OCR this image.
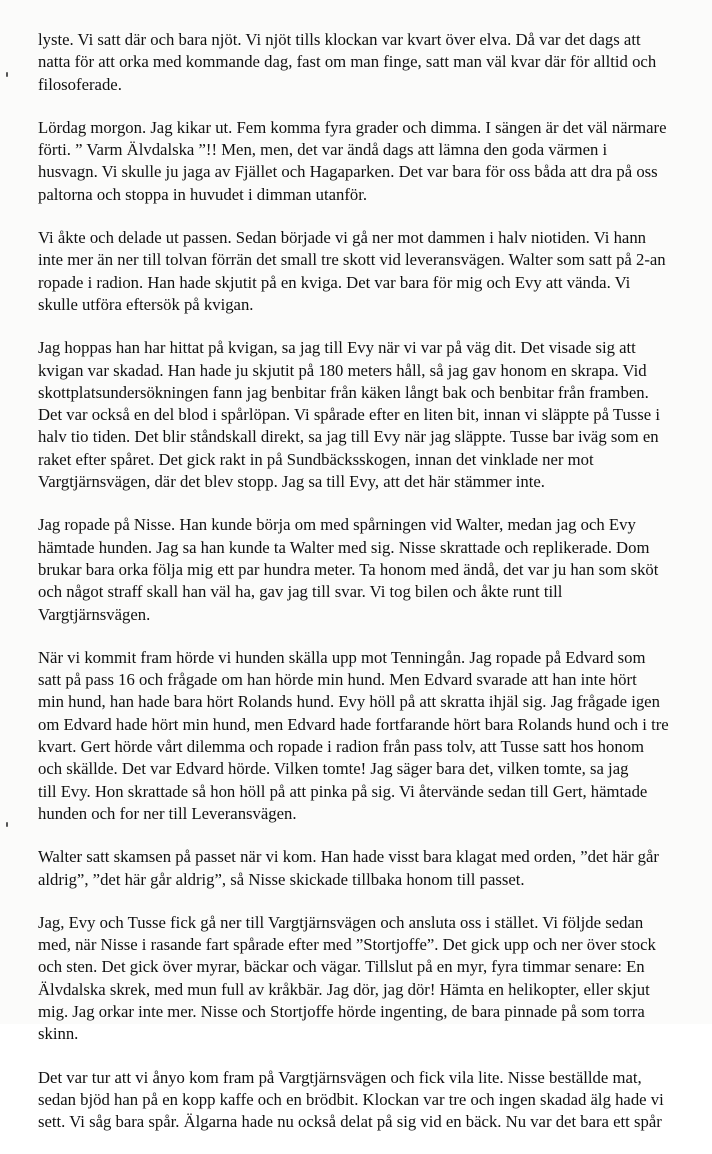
lyste. Vi satt där och bara njöt. Vi njöt tills klockan var kvart över elva. Då var det dags att
natta för att orka med kommande dag, fast om man finge, satt man väl kvar där för alltid och
filosoferade.
Lördag morgon. Jag kikar ut. Fem komma fyra grader och dimma. I sängen är det väl närmare
förti. ” Varm Älvdalska ”!! Men, men, det var ändå dags att lämna den goda värmen i
husvagn. Vi skulle ju jaga av Fjället och Hagaparken. Det var bara för oss båda att dra på oss
paltorna och stoppa in huvudet i dimman utanför.
Vi åkte och delade ut passen. Sedan började vi gå ner mot dammen i halv niotiden. Vi hann
inte mer än ner till tolvan förrän det small tre skott vid leveransvägen. Walter som satt på 2-an
ropade i radion. Han hade skjutit på en kviga. Det var bara för mig och Evy att vända. Vi
skulle utföra eftersök på kvigan.
Jag hoppas han har hittat på kvigan, sa jag till Evy när vi var på väg dit. Det visade sig att
kvigan var skadad. Han hade ju skjutit på 180 meters håll, så jag gav honom en skrapa. Vid
skottplatsundersökningen fann jag benbitar från käken långt bak och benbitar från framben.
Det var också en del blod i spårlöpan. Vi spårade efter en liten bit, innan vi släppte på Tusse i
halv tio tiden. Det blir ståndskall direkt, sa jag till Evy när jag släppte. Tusse bar iväg som en
raket efter spåret. Det gick rakt in på Sundbäcksskogen, innan det vinklade ner mot
Vargtjärnsvägen, där det blev stopp. Jag sa till Evy, att det här stämmer inte.
Jag ropade på Nisse. Han kunde börja om med spårningen vid Walter, medan jag och Evy
hämtade hunden. Jag sa han kunde ta Walter med sig. Nisse skrattade och replikerade. Dom
brukar bara orka följa mig ett par hundra meter. Ta honom med ändå, det var ju han som sköt
och något straff skall han väl ha, gav jag till svar. Vi tog bilen och åkte runt till
Vargtjärnsvägen.
När vi kommit fram hörde vi hunden skälla upp mot Tenningån. Jag ropade på Edvard som
satt på pass 16 och frågade om han hörde min hund. Men Edvard svarade att han inte hört
min hund, han hade bara hört Rolands hund. Evy höll på att skratta ihjäl sig. Jag frågade igen
om Edvard hade hört min hund, men Edvard hade fortfarande hört bara Rolands hund och i tre
kvart. Gert hörde vårt dilemma och ropade i radion från pass tolv, att Tusse satt hos honom
och skällde. Det var Edvard hörde. Vilken tomte! Jag säger bara det, vilken tomte, sa jag
till Evy. Hon skrattade så hon höll på att pinka på sig. Vi återvände sedan till Gert, hämtade
hunden och for ner till Leveransvägen.
Walter satt skamsen på passet när vi kom. Han hade visst bara klagat med orden, ”det här går
aldrig”, ”det här går aldrig”, så Nisse skickade tillbaka honom till passet.
Jag, Evy och Tusse fick gå ner till Vargtjärnsvägen och ansluta oss i stället. Vi följde sedan
med, när Nisse i rasande fart spårade efter med ”Stortjoffe”. Det gick upp och ner över stock
och sten. Det gick över myrar, bäckar och vägar. Tillslut på en myr, fyra timmar senare: En
Älvdalska skrek, med mun full av kråkbär. Jag dör, jag dör! Hämta en helikopter, eller skjut
mig. Jag orkar inte mer. Nisse och Stortjoffe hörde ingenting, de bara pinnade på som torra
skinn.
Det var tur att vi ånyo kom fram på Vargtjärnsvägen och fick vila lite. Nisse beställde mat,
sedan bjöd han på en kopp kaffe och en brödbit. Klockan var tre och ingen skadad älg hade vi
sett. Vi såg bara spår. Älgarna hade nu också delat på sig vid en bäck. Nu var det bara ett spår
